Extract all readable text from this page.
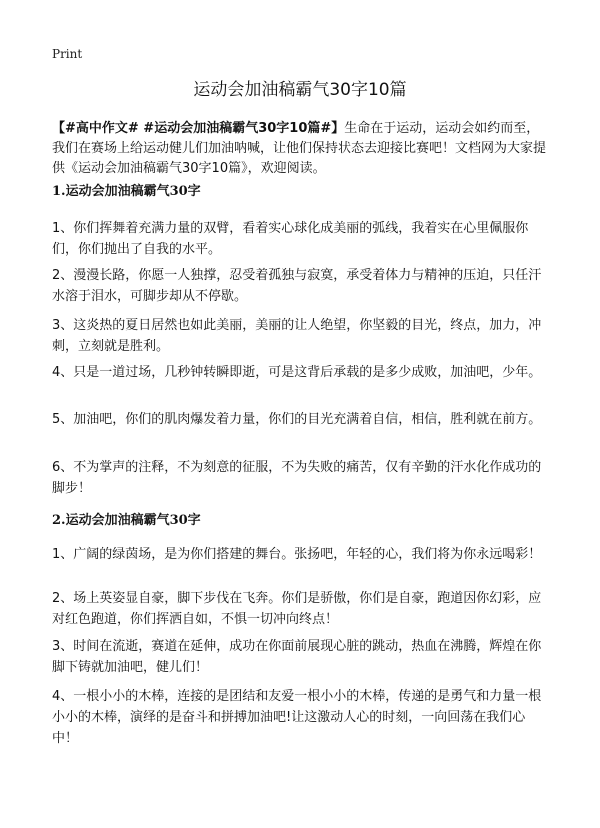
Print
运动会加油稿霸气30字10篇

【#高中作文# #运动会加油稿霸气30字10篇#】生命在于运动，运动会如约而至，我们在赛场上给运动健儿们加油呐喊，让他们保持状态去迎接比赛吧！文档网为大家提供《运动会加油稿霸气30字10篇》，欢迎阅读。

1.运动会加油稿霸气30字

1、你们挥舞着充满力量的双臂，看着实心球化成美丽的弧线，我着实在心里佩服你们，你们抛出了自我的水平。

2、漫漫长路，你愿一人独撑，忍受着孤独与寂寞，承受着体力与精神的压迫，只任汗水溶于泪水，可脚步却从不停歇。

3、这炎热的夏日居然也如此美丽，美丽的让人绝望，你坚毅的目光，终点，加力，冲刺，立刻就是胜利。

4、只是一道过场，几秒钟转瞬即逝，可是这背后承载的是多少成败，加油吧，少年。

5、加油吧，你们的肌肉爆发着力量，你们的目光充满着自信，相信，胜利就在前方。

6、不为掌声的注释，不为刻意的征服，不为失败的痛苦，仅有辛勤的汗水化作成功的脚步！

2.运动会加油稿霸气30字

1、广阔的绿茵场，是为你们搭建的舞台。张扬吧，年轻的心，我们将为你永远喝彩！

2、场上英姿显自豪，脚下步伐在飞奔。你们是骄傲，你们是自豪，跑道因你幻彩，应对红色跑道，你们挥洒自如，不惧一切冲向终点！

3、时间在流逝，赛道在延伸，成功在你面前展现心脏的跳动，热血在沸腾，辉煌在你脚下铸就加油吧，健儿们！

4、一根小小的木棒，连接的是团结和友爱一根小小的木棒，传递的是勇气和力量一根小小的木棒，演绎的是奋斗和拼搏加油吧!让这激动人心的时刻，一向回荡在我们心中！
